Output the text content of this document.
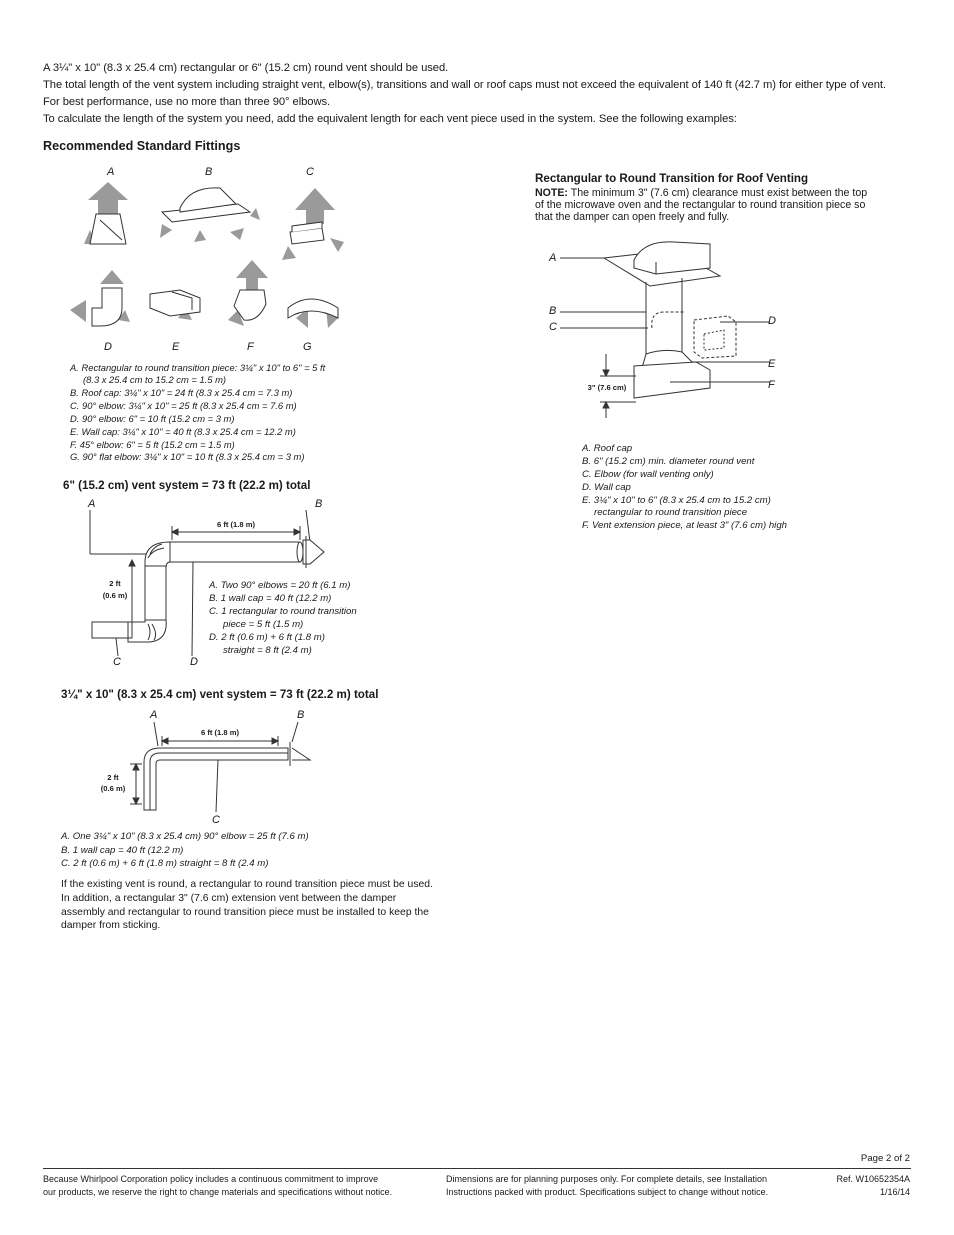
A 3¼" x 10" (8.3 x 25.4 cm) rectangular or 6" (15.2 cm) round vent should be used.

The total length of the vent system including straight vent, elbow(s), transitions and wall or roof caps must not exceed the equivalent of 140 ft (42.7 m) for either type of vent.

For best performance, use no more than three 90° elbows.

To calculate the length of the system you need, add the equivalent length for each vent piece used in the system. See the following examples:

Recommended Standard Fittings
A	B	C
D	E	F	G
A. Rectangular to round transition piece: 3¼" x 10" to 6" = 5 ft
(8.3 x 25.4 cm to 15.2 cm = 1.5 m)
B. Roof cap: 3¼" x 10" = 24 ft (8.3 x 25.4 cm = 7.3 m)
C. 90° elbow: 3¼" x 10" = 25 ft (8.3 x 25.4 cm = 7.6 m)
D. 90° elbow: 6" = 10 ft (15.2 cm = 3 m)
E. Wall cap: 3¼" x 10" = 40 ft (8.3 x 25.4 cm = 12.2 m)
F. 45° elbow: 6" = 5 ft (15.2 cm = 1.5 m)
G. 90° flat elbow: 3¼" x 10" = 10 ft (8.3 x 25.4 cm = 3 m)
6" (15.2 cm) vent system = 73 ft (22.2 m) total
A	B
C	D
6 ft (1.8 m)
2 ft
(0.6 m)
A. Two 90° elbows = 20 ft (6.1 m)
B. 1 wall cap = 40 ft (12.2 m)
C. 1 rectangular to round transition
piece = 5 ft (1.5 m)
D. 2 ft (0.6 m) + 6 ft (1.8 m)
straight = 8 ft (2.4 m)
3¼" x 10" (8.3 x 25.4 cm) vent system = 73 ft (22.2 m) total
A	B
C
6 ft (1.8 m)
2 ft
(0.6 m)
A. One 3¼" x 10" (8.3 x 25.4 cm) 90° elbow = 25 ft (7.6 m)
B. 1 wall cap = 40 ft (12.2 m)
C. 2 ft (0.6 m) + 6 ft (1.8 m) straight = 8 ft (2.4 m)
If the existing vent is round, a rectangular to round transition piece must be used. In addition, a rectangular 3" (7.6 cm) extension vent between the damper assembly and rectangular to round transition piece must be installed to keep the damper from sticking.
Rectangular to Round Transition for Roof Venting
NOTE: The minimum 3" (7.6 cm) clearance must exist between the top of the microwave oven and the rectangular to round transition piece so that the damper can open freely and fully.
A
B
C	D
E
F
3" (7.6 cm)
A. Roof cap
B. 6" (15.2 cm) min. diameter round vent
C. Elbow (for wall venting only)
D. Wall cap
E. 3¼" x 10" to 6" (8.3 x 25.4 cm to 15.2 cm)
rectangular to round transition piece
F. Vent extension piece, at least 3" (7.6 cm) high
Page 2 of 2
Because Whirlpool Corporation policy includes a continuous commitment to improve
our products, we reserve the right to change materials and specifications without notice.
Dimensions are for planning purposes only. For complete details, see Installation
Instructions packed with product. Specifications subject to change without notice.
Ref. W10652354A
1/16/14
